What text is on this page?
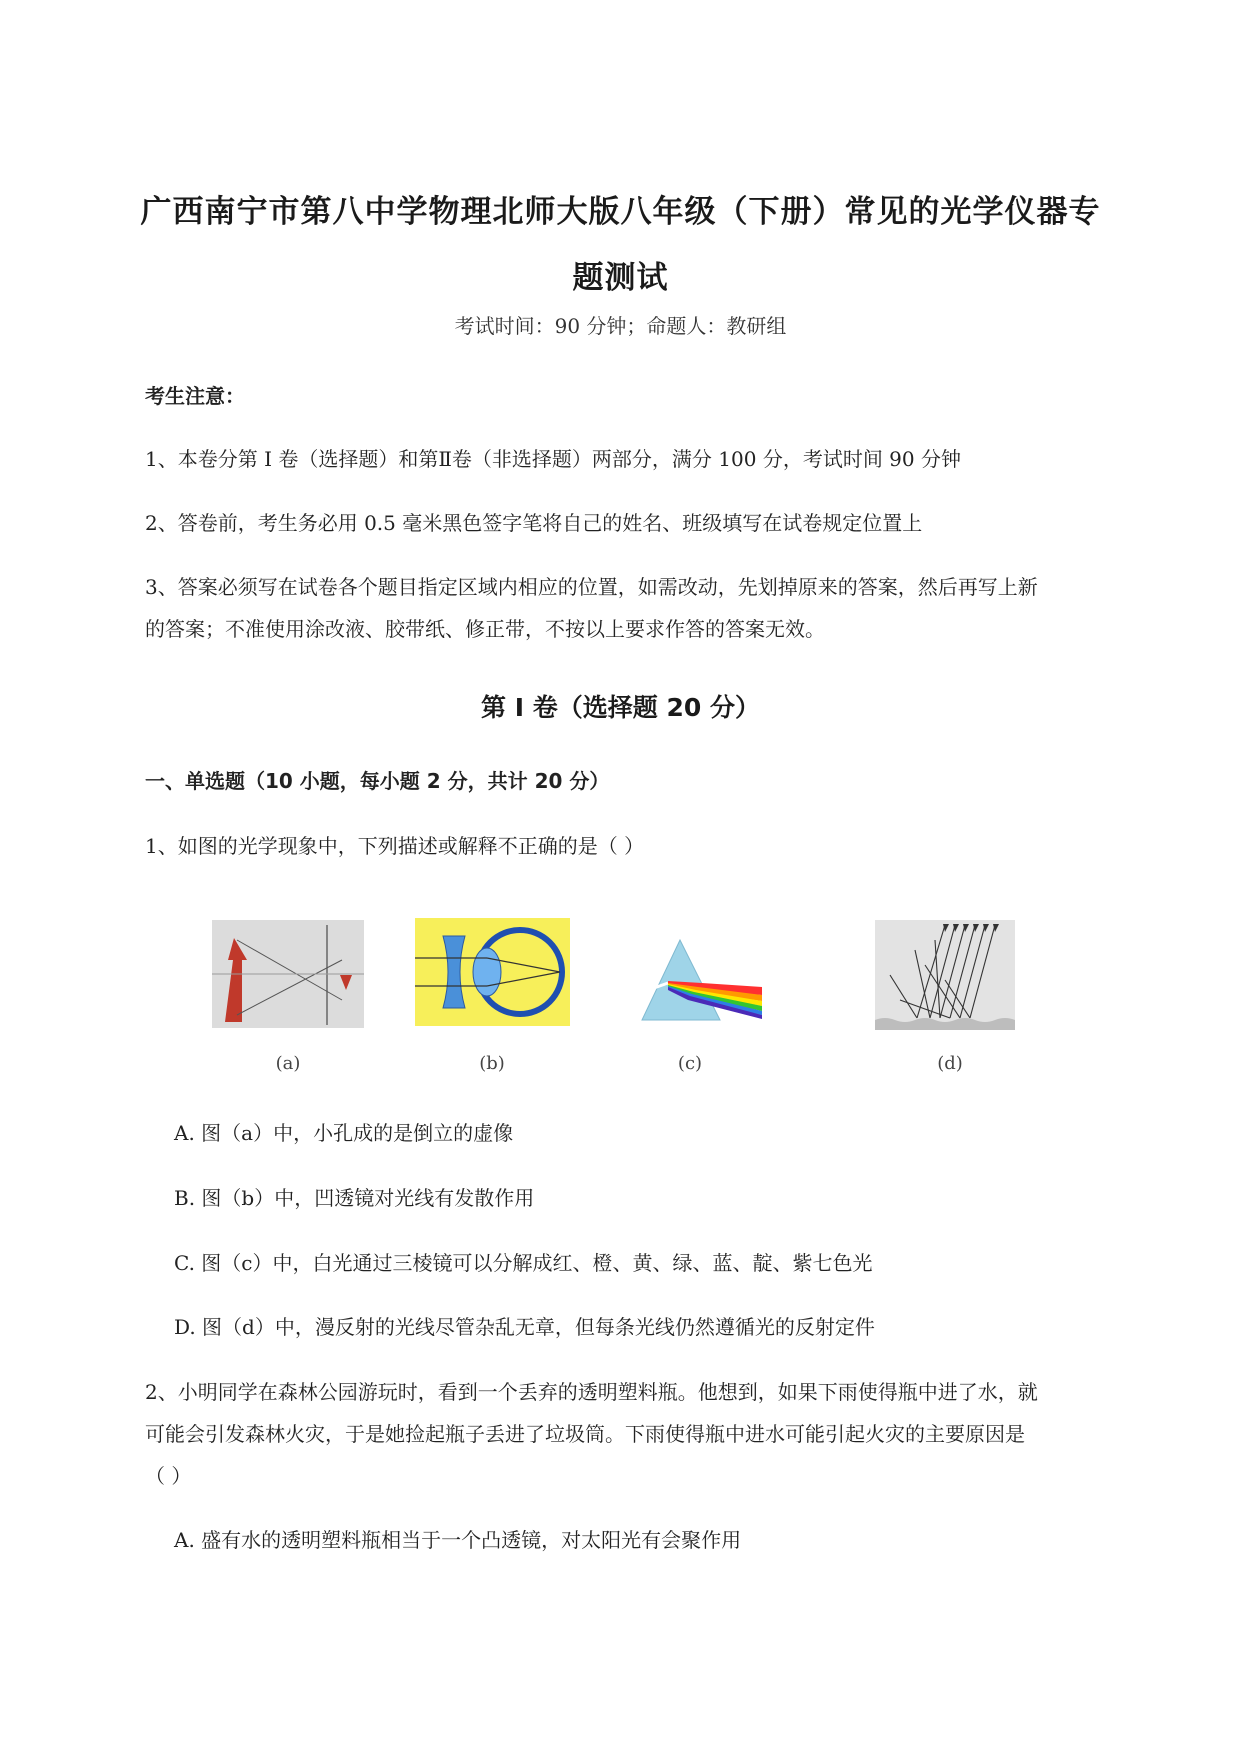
广西南宁市第八中学物理北师大版八年级（下册）常见的光学仪器专
题测试
考试时间：90 分钟；命题人：教研组
考生注意：
1、本卷分第 I 卷（选择题）和第Ⅱ卷（非选择题）两部分，满分 100 分，考试时间 90 分钟
2、答卷前，考生务必用 0.5 毫米黑色签字笔将自己的姓名、班级填写在试卷规定位置上
3、答案必须写在试卷各个题目指定区域内相应的位置，如需改动，先划掉原来的答案，然后再写上新
的答案；不准使用涂改液、胶带纸、修正带，不按以上要求作答的答案无效。
第 I 卷（选择题 20 分）
一、单选题（10 小题，每小题 2 分，共计 20 分）
1、如图的光学现象中，下列描述或解释不正确的是（ ）
(a)	(b)	(c)	(d)
A. 图（a）中，小孔成的是倒立的虚像
B. 图（b）中，凹透镜对光线有发散作用
C. 图（c）中，白光通过三棱镜可以分解成红、橙、黄、绿、蓝、靛、紫七色光
D. 图（d）中，漫反射的光线尽管杂乱无章，但每条光线仍然遵循光的反射定件
2、小明同学在森林公园游玩时，看到一个丢弃的透明塑料瓶。他想到，如果下雨使得瓶中进了水，就
可能会引发森林火灾，于是她捡起瓶子丢进了垃圾筒。下雨使得瓶中进水可能引起火灾的主要原因是
（ ）
A. 盛有水的透明塑料瓶相当于一个凸透镜，对太阳光有会聚作用
